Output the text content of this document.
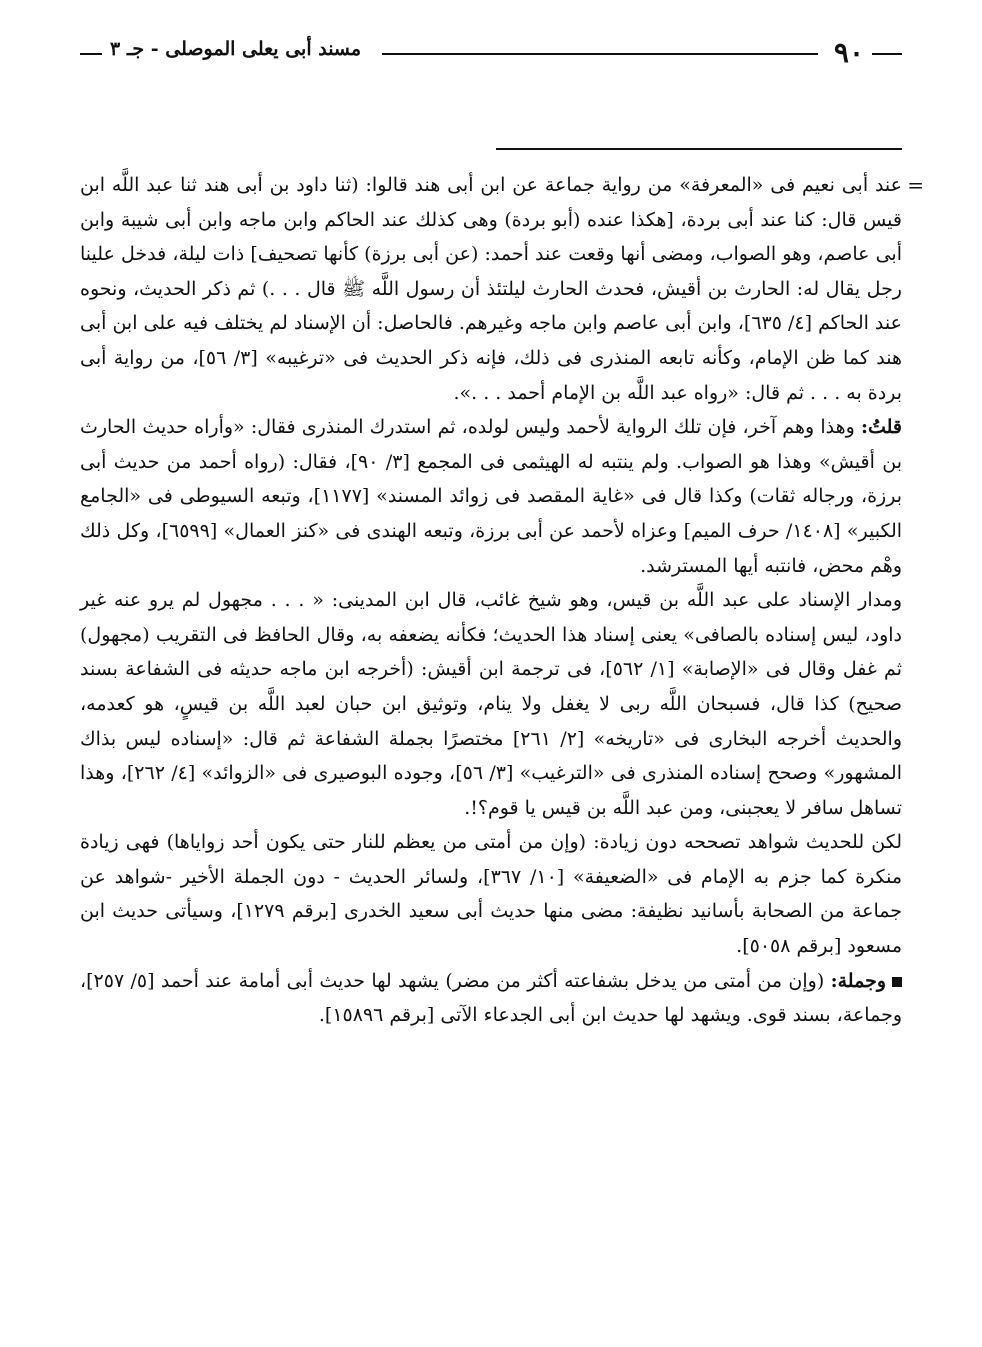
٩٠
مسند أبى يعلى الموصلى - جـ ٣

=
عند أبى نعيم فى «المعرفة» من رواية جماعة عن ابن أبى هند قالوا: (ثنا داود بن أبى هند ثنا عبد اللَّه ابن قيس قال: كنا عند أبى بردة، [هكذا عنده (أبو بردة) وهى كذلك عند الحاكم وابن ماجه وابن أبى شيبة وابن أبى عاصم، وهو الصواب، ومضى أنها وقعت عند أحمد: (عن أبى برزة) كأنها تصحيف] ذات ليلة، فدخل علينا رجل يقال له: الحارث بن أقيش، فحدث الحارث ليلتئذ أن رسول اللَّه ﷺ قال . . .) ثم ذكر الحديث، ونحوه عند الحاكم [٤/ ٦٣٥]، وابن أبى عاصم وابن ماجه وغيرهم. فالحاصل: أن الإسناد لم يختلف فيه على ابن أبى هند كما ظن الإمام، وكأنه تابعه المنذرى فى ذلك، فإنه ذكر الحديث فى «ترغيبه» [٣/ ٥٦]، من رواية أبى بردة به . . . ثم قال: «رواه عبد اللَّه بن الإمام أحمد . . .».

قلتُ: وهذا وهم آخر، فإن تلك الرواية لأحمد وليس لولده، ثم استدرك المنذرى فقال: «وأراه حديث الحارث بن أقيش» وهذا هو الصواب. ولم ينتبه له الهيثمى فى المجمع [٣/ ٩٠]، فقال: (رواه أحمد من حديث أبى برزة، ورجاله ثقات) وكذا قال فى «غاية المقصد فى زوائد المسند» [١١٧٧]، وتبعه السيوطى فى «الجامع الكبير» [١٤٠٨/ حرف الميم] وعزاه لأحمد عن أبى برزة، وتبعه الهندى فى «كنز العمال» [٦٥٩٩]، وكل ذلك وهْم محض، فانتبه أيها المسترشد.

ومدار الإسناد على عبد اللَّه بن قيس، وهو شيخ غائب، قال ابن المدينى: « . . . مجهول لم يرو عنه غير داود، ليس إسناده بالصافى» يعنى إسناد هذا الحديث؛ فكأنه يضعفه به، وقال الحافظ فى التقريب (مجهول) ثم غفل وقال فى «الإصابة» [١/ ٥٦٢]، فى ترجمة ابن أقيش: (أخرجه ابن ماجه حديثه فى الشفاعة بسند صحيح) كذا قال، فسبحان اللَّه ربى لا يغفل ولا ينام، وتوثيق ابن حبان لعبد اللَّه بن قيسٍ، هو كعدمه، والحديث أخرجه البخارى فى «تاريخه» [٢/ ٢٦١] مختصرًا بجملة الشفاعة ثم قال: «إسناده ليس بذاك المشهور» وصحح إسناده المنذرى فى «الترغيب» [٣/ ٥٦]، وجوده البوصيرى فى «الزوائد» [٤/ ٢٦٢]، وهذا تساهل سافر لا يعجبنى، ومن عبد اللَّه بن قيس يا قوم؟!.

لكن للحديث شواهد تصححه دون زيادة: (وإن من أمتى من يعظم للنار حتى يكون أحد زواياها) فهى زيادة منكرة كما جزم به الإمام فى «الضعيفة» [١٠/ ٣٦٧]، ولسائر الحديث - دون الجملة الأخير -شواهد عن جماعة من الصحابة بأسانيد نظيفة: مضى منها حديث أبى سعيد الخدرى [برقم ١٢٧٩]، وسيأتى حديث ابن مسعود [برقم ٥٠٥٨].

وجملة: (وإن من أمتى من يدخل بشفاعته أكثر من مضر) يشهد لها حديث أبى أمامة عند أحمد [٥/ ٢٥٧]، وجماعة، بسند قوى. ويشهد لها حديث ابن أبى الجدعاء الآتى [برقم ١٥٨٩٦].
